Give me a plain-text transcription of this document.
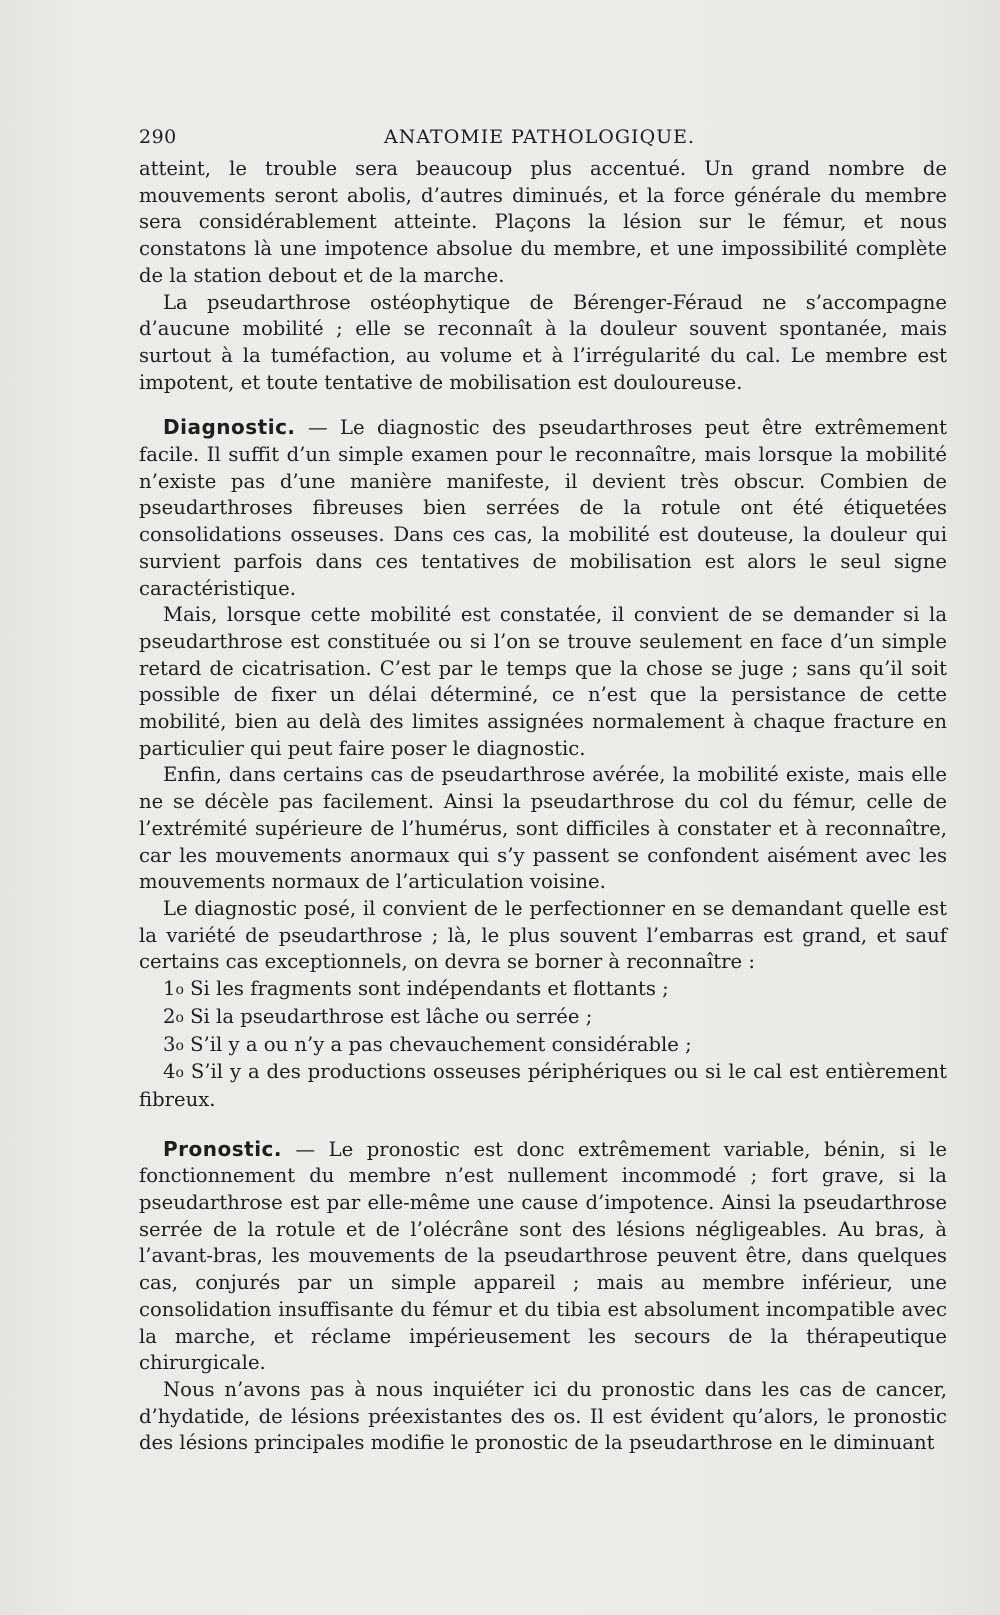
290	ANATOMIE PATHOLOGIQUE.

atteint, le trouble sera beaucoup plus accentué. Un grand nombre de mouvements seront abolis, d’autres diminués, et la force générale du membre sera considérablement atteinte. Plaçons la lésion sur le fémur, et nous constatons là une impotence absolue du membre, et une impossibilité complète de la station debout et de la marche.

La pseudarthrose ostéophytique de Bérenger-Féraud ne s’accompagne d’aucune mobilité ; elle se reconnaît à la douleur souvent spontanée, mais surtout à la tuméfaction, au volume et à l’irrégularité du cal. Le membre est impotent, et toute tentative de mobilisation est douloureuse.

Diagnostic. — Le diagnostic des pseudarthroses peut être extrêmement facile. Il suffit d’un simple examen pour le reconnaître, mais lorsque la mobilité n’existe pas d’une manière manifeste, il devient très obscur. Combien de pseudarthroses fibreuses bien serrées de la rotule ont été étiquetées consolidations osseuses. Dans ces cas, la mobilité est douteuse, la douleur qui survient parfois dans ces tentatives de mobilisation est alors le seul signe caractéristique.

Mais, lorsque cette mobilité est constatée, il convient de se demander si la pseudarthrose est constituée ou si l’on se trouve seulement en face d’un simple retard de cicatrisation. C’est par le temps que la chose se juge ; sans qu’il soit possible de fixer un délai déterminé, ce n’est que la persistance de cette mobilité, bien au delà des limites assignées normalement à chaque fracture en particulier qui peut faire poser le diagnostic.

Enfin, dans certains cas de pseudarthrose avérée, la mobilité existe, mais elle ne se décèle pas facilement. Ainsi la pseudarthrose du col du fémur, celle de l’extrémité supérieure de l’humérus, sont difficiles à constater et à reconnaître, car les mouvements anormaux qui s’y passent se confondent aisément avec les mouvements normaux de l’articulation voisine.

Le diagnostic posé, il convient de le perfectionner en se demandant quelle est la variété de pseudarthrose ; là, le plus souvent l’embarras est grand, et sauf certains cas exceptionnels, on devra se borner à reconnaître :

1$^o$ Si les fragments sont indépendants et flottants ;

2$^o$ Si la pseudarthrose est lâche ou serrée ;

3$^o$ S’il y a ou n’y a pas chevauchement considérable ;

4$^o$ S’il y a des productions osseuses périphériques ou si le cal est entièrement fibreux.

Pronostic. — Le pronostic est donc extrêmement variable, bénin, si le fonctionnement du membre n’est nullement incommodé ; fort grave, si la pseudarthrose est par elle-même une cause d’impotence. Ainsi la pseudarthrose serrée de la rotule et de l’olécrâne sont des lésions négligeables. Au bras, à l’avant-bras, les mouvements de la pseudarthrose peuvent être, dans quelques cas, conjurés par un simple appareil ; mais au membre inférieur, une consolidation insuffisante du fémur et du tibia est absolument incompatible avec la marche, et réclame impérieusement les secours de la thérapeutique chirurgicale.

Nous n’avons pas à nous inquiéter ici du pronostic dans les cas de cancer, d’hydatide, de lésions préexistantes des os. Il est évident qu’alors, le pronostic des lésions principales modifie le pronostic de la pseudarthrose en le diminuant
